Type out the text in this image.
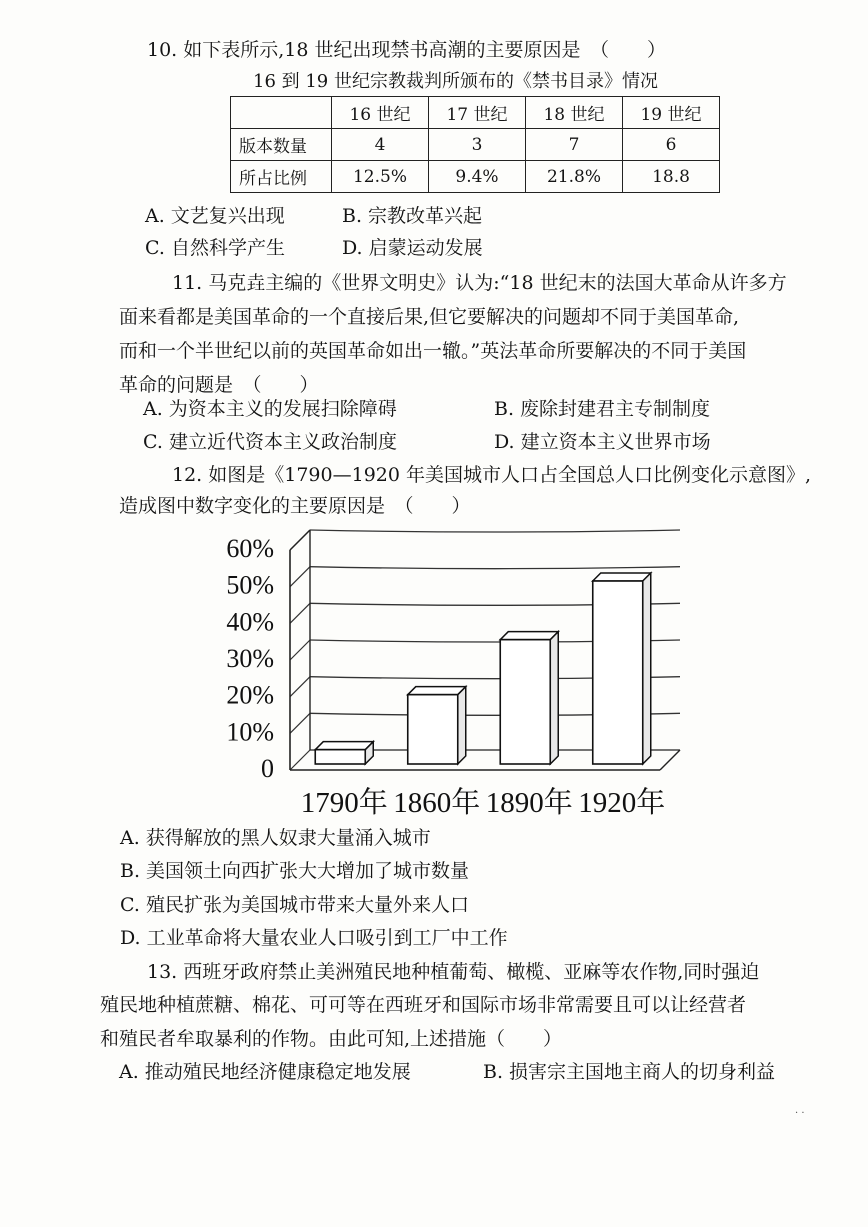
10. 如下表所示,18 世纪出现禁书高潮的主要原因是　（　　）
16 到 19 世纪宗教裁判所颁布的《禁书目录》情况
	16 世纪	17 世纪	18 世纪	19 世纪
版本数量	4	3	7	6
所占比例	12.5%	9.4%	21.8%	18.8
A. 文艺复兴出现	B. 宗教改革兴起
C. 自然科学产生	D. 启蒙运动发展
11. 马克垚主编的《世界文明史》认为:“18 世纪末的法国大革命从许多方
面来看都是美国革命的一个直接后果,但它要解决的问题却不同于美国革命,
而和一个半世纪以前的英国革命如出一辙。”英法革命所要解决的不同于美国
革命的问题是　（　　）
A. 为资本主义的发展扫除障碍	B. 废除封建君主专制制度
C. 建立近代资本主义政治制度	D. 建立资本主义世界市场
12. 如图是《1790—1920 年美国城市人口占全国总人口比例变化示意图》,
造成图中数字变化的主要原因是　（　　）
0
10%
20%
30%
40%
50%
60%
1790年 1860年 1890年 1920年
A. 获得解放的黑人奴隶大量涌入城市
B. 美国领土向西扩张大大增加了城市数量
C. 殖民扩张为美国城市带来大量外来人口
D. 工业革命将大量农业人口吸引到工厂中工作
13. 西班牙政府禁止美洲殖民地种植葡萄、橄榄、亚麻等农作物,同时强迫
殖民地种植蔗糖、棉花、可可等在西班牙和国际市场非常需要且可以让经营者
和殖民者牟取暴利的作物。由此可知,上述措施（　　）
A. 推动殖民地经济健康稳定地发展	B. 损害宗主国地主商人的切身利益
· ·
